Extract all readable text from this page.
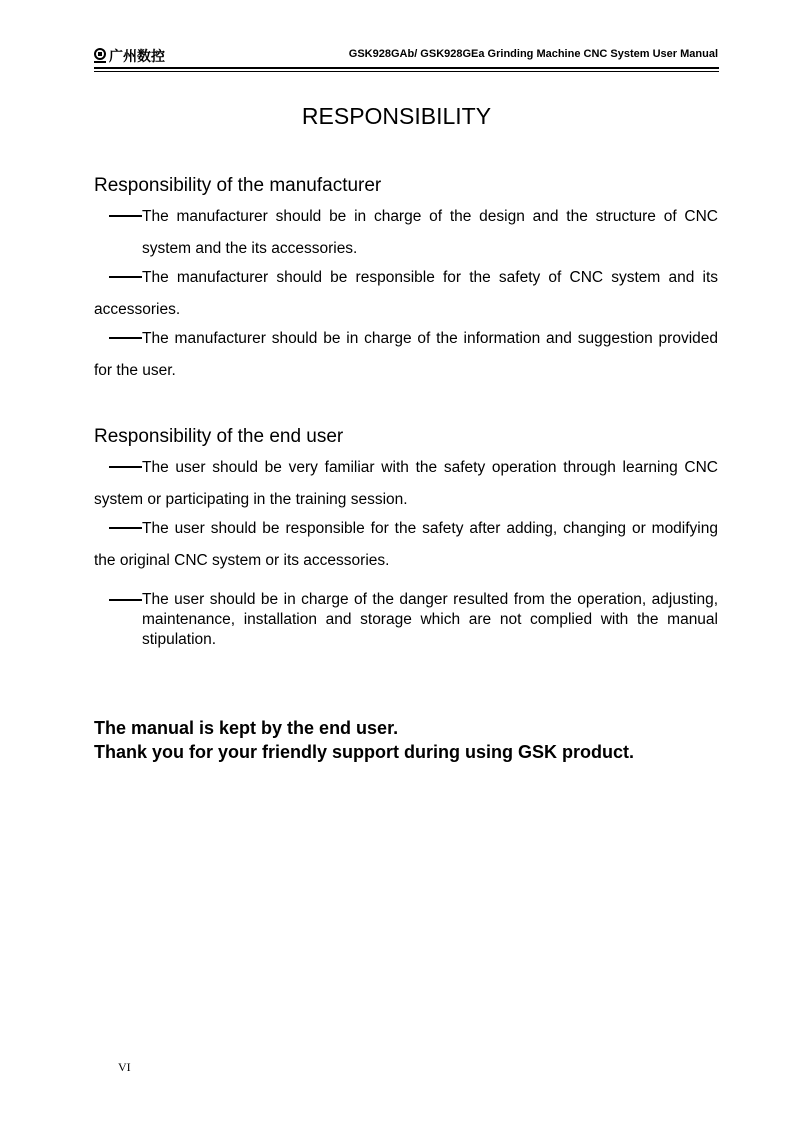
广州数控	GSK928GAb/ GSK928GEa Grinding Machine CNC System User Manual
RESPONSIBILITY
Responsibility of the manufacturer
The manufacturer should be in charge of the design and the structure of CNC
system and the its accessories.
The manufacturer should be responsible for the safety of CNC system and its
accessories.
The manufacturer should be in charge of the information and suggestion provided
for the user.
Responsibility of the end user
The user should be very familiar with the safety operation through learning CNC
system or participating in the training session.
The user should be responsible for the safety after adding, changing or modifying
the original CNC system or its accessories.
The user should be in charge of the danger resulted from the operation, adjusting, maintenance, installation and storage which are not complied with the manual stipulation.
The manual is kept by the end user.
Thank you for your friendly support during using GSK product.
VI
